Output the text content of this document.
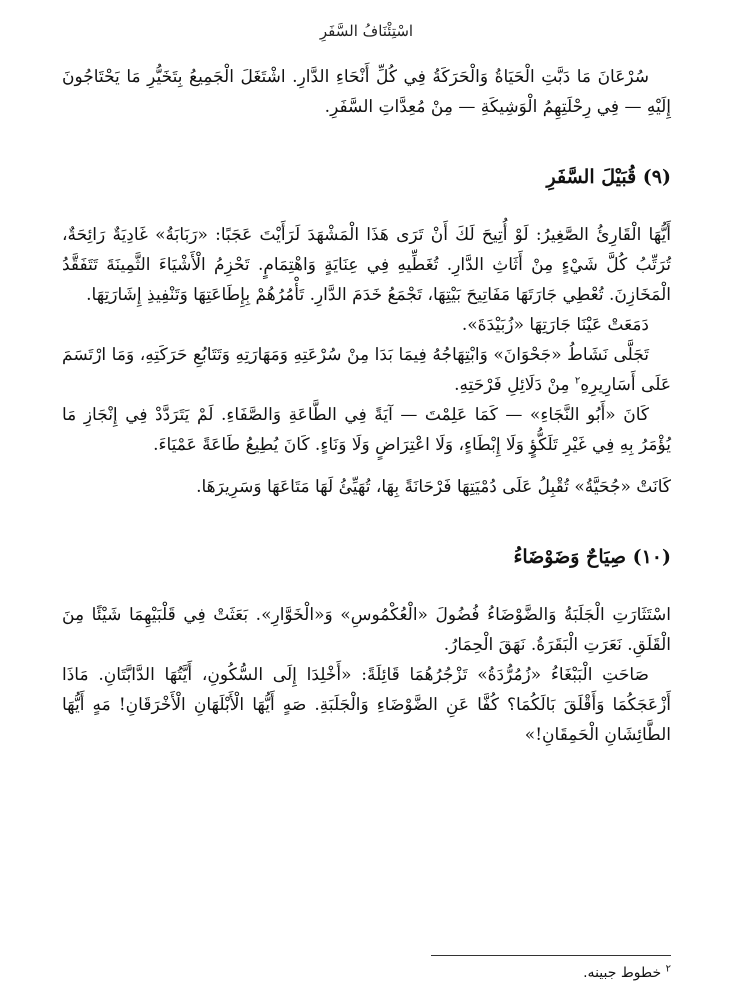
اسْتِئْنَافُ السَّفَرِ

سُرْعَانَ مَا دَبَّتِ الْحَيَاةُ وَالْحَرَكَةُ فِي كُلِّ أَنْحَاءِ الدَّارِ. اشْتَغَلَ الْجَمِيعُ بِتَخَيُّرِ مَا يَحْتَاجُونَ إِلَيْهِ — فِي رِحْلَتِهِمُ الْوَشِيكَةِ — مِنْ مُعِدَّاتِ السَّفَرِ.

(٩) قُبَيْلَ السَّفَرِ

أَيُّهَا الْقَارِئُ الصَّغِيرُ: لَوْ أُتِيحَ لَكَ أَنْ تَرَى هَذَا الْمَشْهَدَ لَرَأَيْتَ عَجَبًا: «رَبَابَةُ» غَادِيَةٌ رَائِحَةٌ، تُرَتِّبُ كُلَّ شَيْءٍ مِنْ أَثَاثِ الدَّارِ. تُغَطِّيهِ فِي عِنَايَةٍ وَاهْتِمَامٍ. تَحْزِمُ الْأَشْيَاءَ الثَّمِينَةَ تَتَفَقَّدُ الْمَخَازِنَ. تُعْطِي جَارَتَهَا مَفَاتِيحَ بَيْتِهَا، تَجْمَعُ خَدَمَ الدَّارِ. تَأْمُرُهُمْ بِإِطَاعَتِهَا وَتَنْفِيذِ إِشَارَتِهَا.

دَمَعَتْ عَيْنَا جَارَتِهَا «زُبَيْدَةَ».

تَجَلَّى نَشَاطُ «جَحْوَانَ» وَابْتِهَاجُهُ فِيمَا بَدَا مِنْ سُرْعَتِهِ وَمَهَارَتِهِ وَتَتَابُعِ حَرَكَتِهِ، وَمَا ارْتَسَمَ عَلَى أَسَارِيرِهِ$^٢$ مِنْ دَلَائِلِ فَرْحَتِهِ.

كَانَ «أَبُو النَّجَاءِ» — كَمَا عَلِمْتَ — آيَةً فِي الطَّاعَةِ وَالصَّفَاءِ. لَمْ يَتَرَدَّدْ فِي إِنْجَازِ مَا يُؤْمَرُ بِهِ فِي غَيْرِ تَلَكُّؤٍ وَلَا إِبْطَاءٍ، وَلَا اعْتِرَاضٍ وَلَا وَنَاءٍ. كَانَ يُطِيعُ طَاعَةً عَمْيَاءَ.

كَانَتْ «جُحَيَّةُ» تُقْبِلُ عَلَى دُمْيَتِهَا فَرْحَانَةً بِهَا، تُهَيِّئُ لَهَا مَتَاعَهَا وَسَرِيرَهَا.

(١٠) صِيَاحٌ وَضَوْضَاءُ

اسْتَثَارَتِ الْجَلَبَةُ وَالضَّوْضَاءُ فُضُولَ «الْعُكْمُوسِ» وَ«الْخَوَّارِ». بَعَثَتْ فِي قَلْبَيْهِمَا شَيْئًا مِنَ الْقَلَقِ. نَعَرَتِ الْبَقَرَةُ. نَهَقَ الْحِمَارُ.

صَاحَتِ الْبَبْغَاءُ «زُمُرُّدَةُ» تَزْجُرُهُمَا قَائِلَةً: «أَخْلِدَا إِلَى السُّكُونِ، أَيَّتُهَا الدَّابَّتَانِ. مَاذَا أَزْعَجَكُمَا وَأَقْلَقَ بَالَكُمَا؟ كُفَّا عَنِ الضَّوْضَاءِ وَالْجَلَبَةِ. صَهٍ أَيُّهَا الْأَبْلَهَانِ الْأَخْرَقَانِ! مَهٍ أَيُّهَا الطَّائِشَانِ الْحَمِقَانِ!»

$^٢$ خطوط جبينه.
